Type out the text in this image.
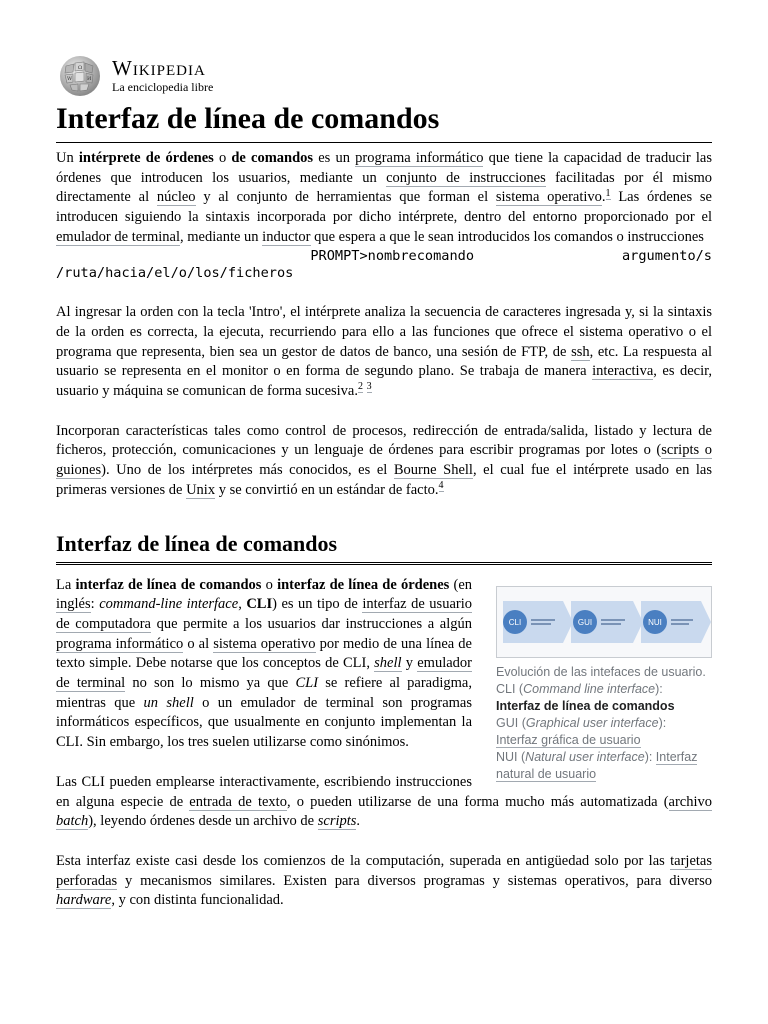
Ω
W	И Wikipedia
La enciclopedia libre
Interfaz de línea de comandos

Un intérprete de órdenes o de comandos es un programa informático que tiene la capacidad de traducir las órdenes que introducen los usuarios, mediante un conjunto de instrucciones facilitadas por él mismo directamente al núcleo y al conjunto de herramientas que forman el sistema operativo.$^1$ Las órdenes se introducen siguiendo la sintaxis incorporada por dicho intérprete, dentro del entorno proporcionado por el emulador de terminal, mediante un inductor que espera a que le sean introducidos los comandos o instrucciones

PROMPT>nombrecomando	argumento/s
/ruta/hacia/el/o/los/ficheros

Al ingresar la orden con la tecla 'Intro', el intérprete analiza la secuencia de caracteres ingresada y, si la sintaxis de la orden es correcta, la ejecuta, recurriendo para ello a las funciones que ofrece el sistema operativo o el programa que representa, bien sea un gestor de datos de banco, una sesión de FTP, de ssh, etc. La respuesta al usuario se representa en el monitor o en forma de segundo plano. Se trabaja de manera interactiva, es decir, usuario y máquina se comunican de forma sucesiva.$^2$ $^3$

Incorporan características tales como control de procesos, redirección de entrada/salida, listado y lectura de ficheros, protección, comunicaciones y un lenguaje de órdenes para escribir programas por lotes o (scripts o guiones). Uno de los intérpretes más conocidos, es el Bourne Shell, el cual fue el intérprete usado en las primeras versiones de Unix y se convirtió en un estándar de facto.$^4$

Interfaz de línea de comandos
CLI	GUI	NUI
Evolución de las intefaces de usuario.
CLI (Command line interface):
Interfaz de línea de comandos
GUI (Graphical user interface):
Interfaz gráfica de usuario
NUI (Natural user interface): Interfaz natural de usuario

La interfaz de línea de comandos o interfaz de línea de órdenes (en inglés: command-line interface, CLI) es un tipo de interfaz de usuario de computadora que permite a los usuarios dar instrucciones a algún programa informático o al sistema operativo por medio de una línea de texto simple. Debe notarse que los conceptos de CLI, shell y emulador de terminal no son lo mismo ya que CLI se refiere al paradigma, mientras que un shell o un emulador de terminal son programas informáticos específicos, que usualmente en conjunto implementan la CLI. Sin embargo, los tres suelen utilizarse como sinónimos.

Las CLI pueden emplearse interactivamente, escribiendo instrucciones en alguna especie de entrada de texto, o pueden utilizarse de una forma mucho más automatizada (archivo batch), leyendo órdenes desde un archivo de scripts.

Esta interfaz existe casi desde los comienzos de la computación, superada en antigüedad solo por las tarjetas perforadas y mecanismos similares. Existen para diversos programas y sistemas operativos, para diverso hardware, y con distinta funcionalidad.
